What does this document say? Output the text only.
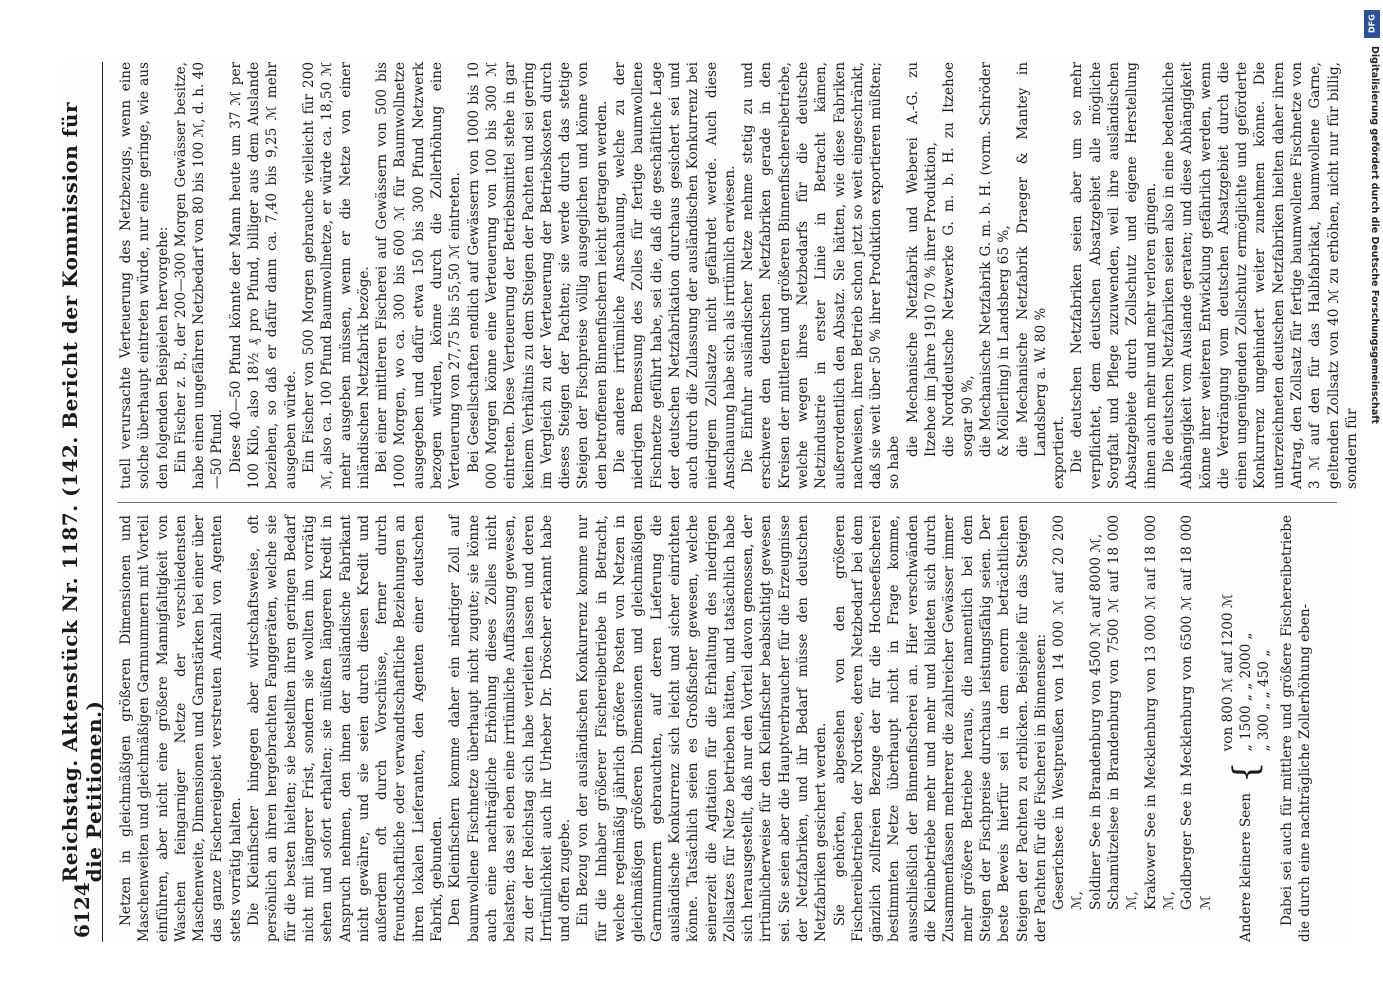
6124
Reichstag. Aktenstück Nr. 1187. (142. Bericht der Kommission für die Petitionen.) Netzen in gleichmäßigen größeren Dimensionen und Maschenweiten und gleichmäßigen Garnnummern mit Vorteil einführen, aber nicht eine größere Mannigfaltigkeit von Waschen feingarniger Netze der verschiedensten Maschenweite, Dimensionen und Garnstärken bei einer über das ganze Fischereigebiet verstreuten Anzahl von Agenten stets vorrätig halten. Die Kleinfischer hingegen aber wirtschaftsweise, oft persönlich an ihren hergebrachten Fanggeräten, welche sie für die besten hielten; sie bestellten ihren geringen Bedarf nicht mit längerer Frist, sondern sie wollten ihn vorrätig sehen und sofort erhalten; sie müßten längeren Kredit in Anspruch nehmen, den ihnen der ausländische Fabrikant nicht gewähre, und sie seien durch diesen Kredit und außerdem oft durch Vorschüsse, ferner durch freundschaftliche oder verwandtschaftliche Beziehungen an ihren lokalen Lieferanten, den Agenten einer deutschen Fabrik, gebunden. Den Kleinfischern komme daher ein niedriger Zoll auf baumwollene Fischnetze überhaupt nicht zugute; sie könne auch eine nachträgliche Erhöhung dieses Zolles nicht belasten; das sei eben eine irrtümliche Auffassung gewesen, zu der der Reichstag sich habe verleiten lassen und deren Irrtümlichkeit auch ihr Urheber Dr. Dröscher erkannt habe und offen zugebe. Ein Bezug von der ausländischen Konkurrenz komme nur für die Inhaber größerer Fischereibetriebe in Betracht, welche regelmäßig jährlich größere Posten von Netzen in gleichmäßigen größeren Dimensionen und gleichmäßigen Garnnummern gebrauchten, auf deren Lieferung die ausländische Konkurrenz sich leicht und sicher einrichten könne. Tatsächlich seien es Großfischer gewesen, welche seinerzeit die Agitation für die Erhaltung des niedrigen Zollsatzes für Netze betrieben hätten, und tatsächlich habe sich herausgestellt, daß nur den Vorteil davon genossen, der irrtümlicherweise für den Kleinfischer beabsichtigt gewesen sei. Sie seien aber die Hauptverbraucher für die Erzeugnisse der Netzfabriken, und ihr Bedarf müsse den deutschen Netzfabriken gesichert werden. Sie gehörten, abgesehen von den größeren Fischereibetrieben der Nordsee, deren Netzbedarf bei dem gänzlich zollfreien Bezuge der für die Hochseefischerei bestimmten Netze überhaupt nicht in Frage komme, ausschließlich der Binnenfischerei an. Hier verschwänden die Kleinbetriebe mehr und mehr und bildeten sich durch Zusammenfassen mehrerer die zahlreicher Gewässer immer mehr größere Betriebe heraus, die namentlich bei dem Steigen der Fischpreise durchaus leistungsfähig seien. Der beste Beweis hierfür sei in dem enorm beträchtlichen Steigen der Pachten zu erblicken. Beispiele für das Steigen der Pachten für die Fischerei in Binnenseen: Geserichsee in Westpreußen von 14 000 ℳ auf 20 200 ℳ, Soldiner See in Brandenburg von 4500 ℳ auf 8000 ℳ, Schamützelsee in Brandenburg von 7500 ℳ auf 18 000 ℳ, Krakower See in Mecklenburg von 13 000 ℳ auf 18 000 ℳ, Goldberger See in Mecklenburg von 6500 ℳ auf 18 000 ℳ Andere kleinere Seen
{
von 800 ℳ auf 1200 ℳ „ 1500 „ „ 2000 „ „ 300 „ „ 450 „ Dabei sei auch für mittlere und größere Fischereibetriebe die durch eine nachträgliche Zollerhöhung eben-

tuell verursachte Verteuerung des Netzbezugs, wenn eine solche überhaupt eintreten würde, nur eine geringe, wie aus den folgenden Beispielen hervorgehe: Ein Fischer z. B., der 200—300 Morgen Gewässer besitze, habe einen ungefähren Netzbedarf von 80 bis 100 ℳ, d. h. 40—50 Pfund. Diese 40—50 Pfund könnte der Mann heute um 37 ℳ per 100 Kilo, also 18½ ₰ pro Pfund, billiger aus dem Auslande beziehen, so daß er dafür dann ca. 7,40 bis 9,25 ℳ mehr ausgeben würde. Ein Fischer von 500 Morgen gebrauche vielleicht für 200 ℳ, also ca. 100 Pfund Baumwollnetze, er würde ca. 18,50 ℳ mehr ausgeben müssen, wenn er die Netze von einer inländischen Netzfabrik bezöge. Bei einer mittleren Fischerei auf Gewässern von 500 bis 1000 Morgen, wo ca. 300 bis 600 ℳ für Baumwollnetze ausgegeben und dafür etwa 150 bis 300 Pfund Netzwerk bezogen würden, könne durch die Zollerhöhung eine Verteuerung von 27,75 bis 55,50 ℳ eintreten. Bei Gesellschaften endlich auf Gewässern von 1000 bis 10 000 Morgen könne eine Verteuerung von 100 bis 300 ℳ eintreten. Diese Verteuerung der Betriebsmittel stehe in gar keinem Verhältnis zu dem Steigen der Pachten und sei gering im Vergleich zu der Verteuerung der Betriebskosten durch dieses Steigen der Pachten; sie werde durch das stetige Steigen der Fischpreise völlig ausgeglichen und könne von den betroffenen Binnenfischern leicht getragen werden. Die andere irrtümliche Anschauung, welche zu der niedrigen Bemessung des Zolles für fertige baumwollene Fischnetze geführt habe, sei die, daß die geschäftliche Lage der deutschen Netzfabrikation durchaus gesichert sei und auch durch die Zulassung der ausländischen Konkurrenz bei niedrigem Zollsatze nicht gefährdet werde. Auch diese Anschauung habe sich als irrtümlich erwiesen. Die Einfuhr ausländischer Netze nehme stetig zu und erschwere den deutschen Netzfabriken gerade in den Kreisen der mittleren und größeren Binnenfischereibetriebe, welche wegen ihres Netzbedarfs für die deutsche Netzindustrie in erster Linie in Betracht kämen, außerordentlich den Absatz. Sie hätten, wie diese Fabriken nachweisen, ihren Betrieb schon jetzt so weit eingeschränkt, daß sie weit über 50 % ihrer Produktion exportieren müßten; so habe

die Mechanische Netzfabrik und Weberei A.-G. zu Itzehoe im Jahre 1910 70 % ihrer Produktion, die Norddeutsche Netzwerke G. m. b. H. zu Itzehoe sogar 90 %, die Mechanische Netzfabrik G. m. b. H. (vorm. Schröder & Möllerling) in Landsberg 65 %, die Mechanische Netzfabrik Draeger & Mantey in Landsberg a. W. 80 % exportiert. Die deutschen Netzfabriken seien aber um so mehr verpflichtet, dem deutschen Absatzgebiet alle mögliche Sorgfalt und Pflege zuzuwenden, weil ihre ausländischen Absatzgebiete durch Zollschutz und eigene Herstellung ihnen auch mehr und mehr verloren gingen. Die deutschen Netzfabriken seien also in eine bedenkliche Abhängigkeit vom Auslande geraten; und diese Abhängigkeit könne ihrer weiteren Entwicklung gefährlich werden, wenn die Verdrängung vom deutschen Absatzgebiet durch die einen ungenügenden Zollschutz ermöglichte und geförderte Konkurrenz ungehindert weiter zunehmen könne. Die unterzeichneten deutschen Netzfabriken hielten daher ihren Antrag, den Zollsatz für fertige baumwollene Fischnetze von 3 ℳ auf den für das Halbfabrikat, baumwollene Garne, geltenden Zollsatz von 40 ℳ zu erhöhen, nicht nur für billig, sondern für

DFG
Digitalisierung gefördert durch die Deutsche Forschungsgemeinschaft
